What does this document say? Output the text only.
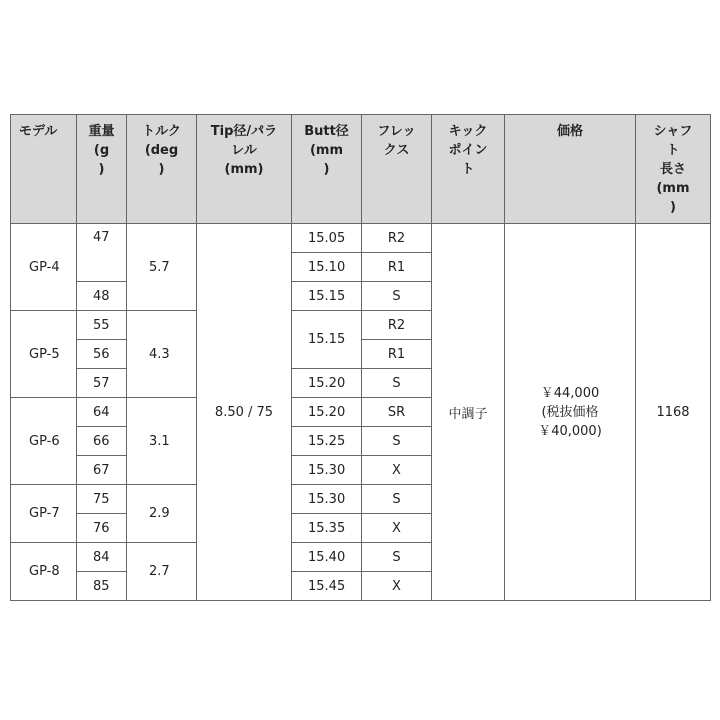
モデル	重量
(g
)	トルク
(deg
)	Tip径/パラ
レル
(mm)	Butt径
(mm
)	フレッ
クス	キック
ポイン
ト	価格	シャフ
ト
長さ
(mm
)
GP-4	47	5.7	8.50 / 75	15.05	R2	中調子	￥44,000
(税抜価格
￥40,000)	1168
				15.10	R1			
	48			15.15	S			
GP-5	55	4.3		15.15	R2			
	56				R1			
	57			15.20	S			
GP-6	64	3.1		15.20	SR			
	66			15.25	S			
	67			15.30	X			
GP-7	75	2.9		15.30	S			
	76			15.35	X			
GP-8	84	2.7		15.40	S			
	85			15.45	X			
